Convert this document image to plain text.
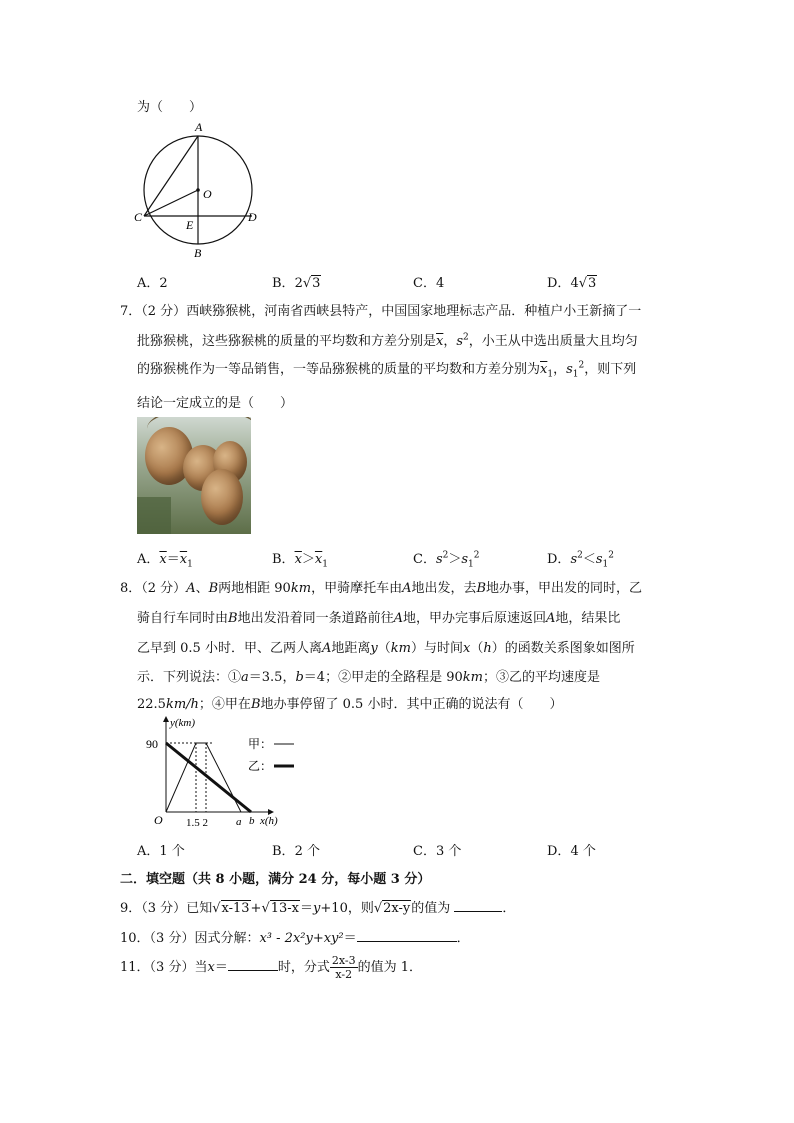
为（　　）
A
O
C	D
E
B
A．2	B．2√3	C．4	D．4√3
7．（2 分）西峡猕猴桃，河南省西峡县特产，中国国家地理标志产品．种植户小王新摘了一
批猕猴桃，这些猕猴桃的质量的平均数和方差分别是$\overline{x}$，$s^2$，小王从中选出质量大且均匀
的猕猴桃作为一等品销售，一等品猕猴桃的质量的平均数和方差分别为$\overline{x}_1$，$s_1^2$，则下列
结论一定成立的是（　　）
A．$\overline{x}=\overline{x}_1$	B．$\overline{x}>\overline{x}_1$	C．$s^2>s_1^2$	D．$s^2<s_1^2$
8．（2 分）A、B两地相距 90km，甲骑摩托车由A地出发，去B地办事，甲出发的同时，乙
骑自行车同时由B地出发沿着同一条道路前往A地，甲办完事后原速返回A地，结果比
乙早到 0.5 小时．甲、乙两人离A地距离y（km）与时间x（h）的函数关系图象如图所
示．下列说法：①a＝3.5，b＝4；②甲走的全路程是 90km；③乙的平均速度是
22.5km/h；④甲在B地办事停留了 0.5 小时．其中正确的说法有（　　）
y(km)
x(h)
O
90
1.5 2	a b
甲：
乙：
A．1 个	B．2 个	C．3 个	D．4 个
二．填空题（共 8 小题，满分 24 分，每小题 3 分）
9．（3 分）已知√x-13+√13-x＝y+10，则√2x-y的值为	．
10．（3 分）因式分解：x³ - 2x²y+xy²＝	．
11．（3 分）当x＝	时，分式 $\frac{2x-3}{x-2}$ 的值为 1．
